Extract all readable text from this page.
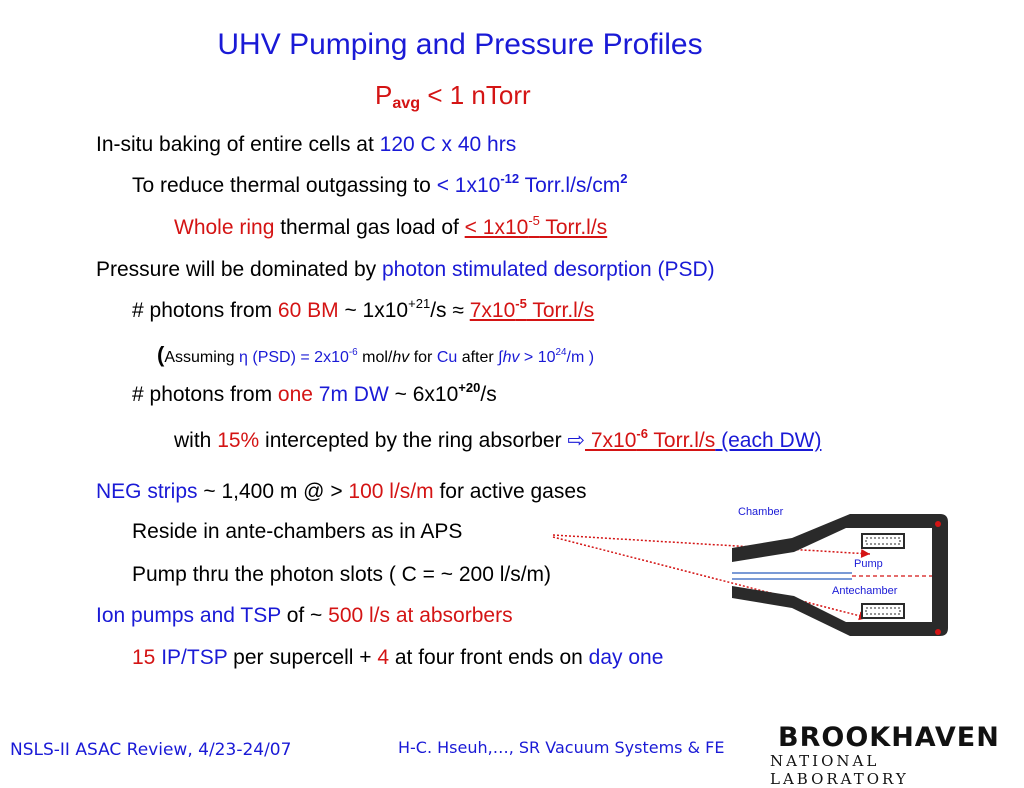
UHV Pumping and Pressure Profiles
$P_{avg} < 1$ nTorr
In-situ baking of entire cells at 120 C x 40 hrs
To reduce thermal outgassing to < $1x10^{-12}$ $Torr.l/s/cm^2$
Whole ring thermal gas load of < $1x10^{-5}$ Torr.l/s
Pressure will be dominated by photon stimulated desorption (PSD)
# photons from 60 BM ~ $1x10^{+21}/s \approx 7x10^{-5}$ Torr.l/s
(Assuming η $(PSD) = 2x10^{-6}$ mol/hv for Cu after $\int hv > 10^{24}/m$ )
# photons from one 7m DW ~ $6x10^{+20}/s$
with 15% intercepted by the ring absorber ⇨ $7x10^{-6}$ Torr.l/s (each DW)
NEG strips ~ 1,400 m @ > 100 l/s/m for active gases
Reside in ante-chambers as in APS
Pump thru the photon slots ( C = ~ 200 l/s/m)
Ion pumps and TSP of ~ 500 l/s at absorbers
15 IP/TSP per supercell + 4 at four front ends on day one
Chamber
Pump
Antechamber
NSLS-II ASAC Review, 4/23-24/07	H-C. Hseuh,…, SR Vacuum Systems & FE BROOKHAVEN
NATIONAL LABORATORY
